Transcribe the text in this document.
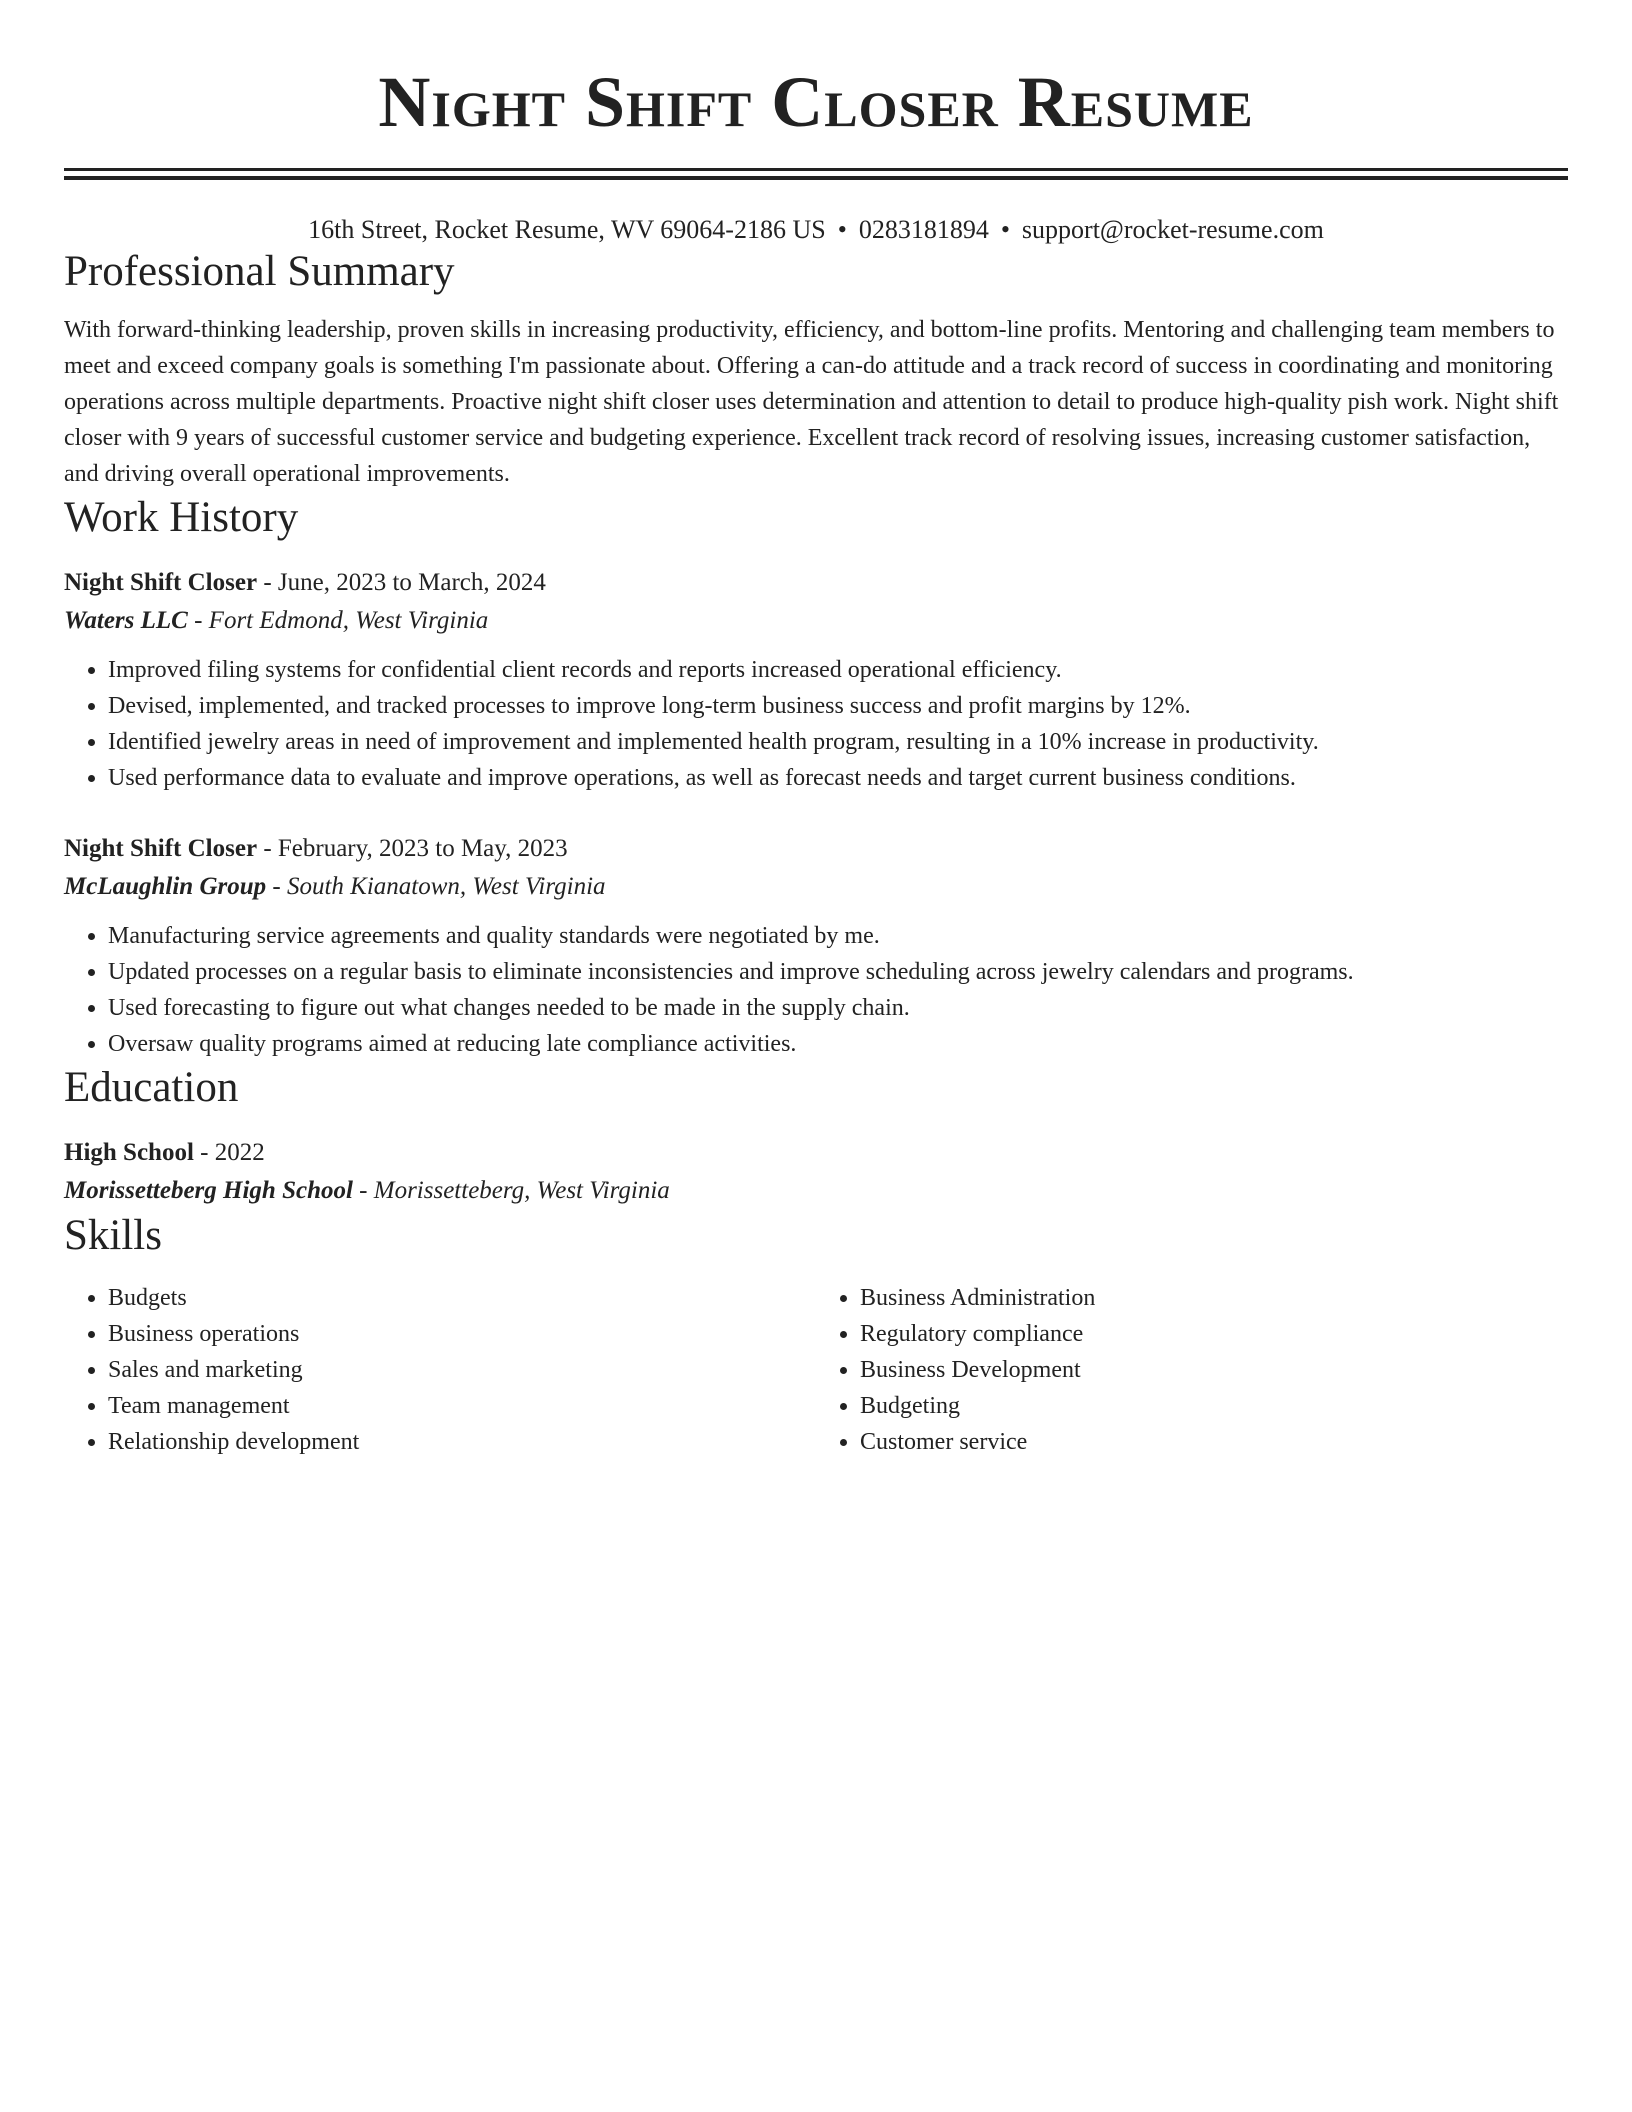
Night Shift Closer Resume
16th Street, Rocket Resume, WV 69064-2186 US • 0283181894 • support@rocket-resume.com
Professional Summary
With forward-thinking leadership, proven skills in increasing productivity, efficiency, and bottom-line profits. Mentoring and challenging team members to meet and exceed company goals is something I'm passionate about. Offering a can-do attitude and a track record of success in coordinating and monitoring operations across multiple departments. Proactive night shift closer uses determination and attention to detail to produce high-quality pish work. Night shift closer with 9 years of successful customer service and budgeting experience. Excellent track record of resolving issues, increasing customer satisfaction, and driving overall operational improvements.
Work History
Night Shift Closer - June, 2023 to March, 2024
Waters LLC - Fort Edmond, West Virginia
• Improved filing systems for confidential client records and reports increased operational efficiency.
• Devised, implemented, and tracked processes to improve long-term business success and profit margins by 12%.
• Identified jewelry areas in need of improvement and implemented health program, resulting in a 10% increase in productivity.
• Used performance data to evaluate and improve operations, as well as forecast needs and target current business conditions.
Night Shift Closer - February, 2023 to May, 2023
McLaughlin Group - South Kianatown, West Virginia
• Manufacturing service agreements and quality standards were negotiated by me.
• Updated processes on a regular basis to eliminate inconsistencies and improve scheduling across jewelry calendars and programs.
• Used forecasting to figure out what changes needed to be made in the supply chain.
• Oversaw quality programs aimed at reducing late compliance activities.
Education
High School - 2022
Morissetteberg High School - Morissetteberg, West Virginia
Skills
• Budgets
• Business operations
• Sales and marketing
• Team management
• Relationship development
• Business Administration
• Regulatory compliance
• Business Development
• Budgeting
• Customer service
